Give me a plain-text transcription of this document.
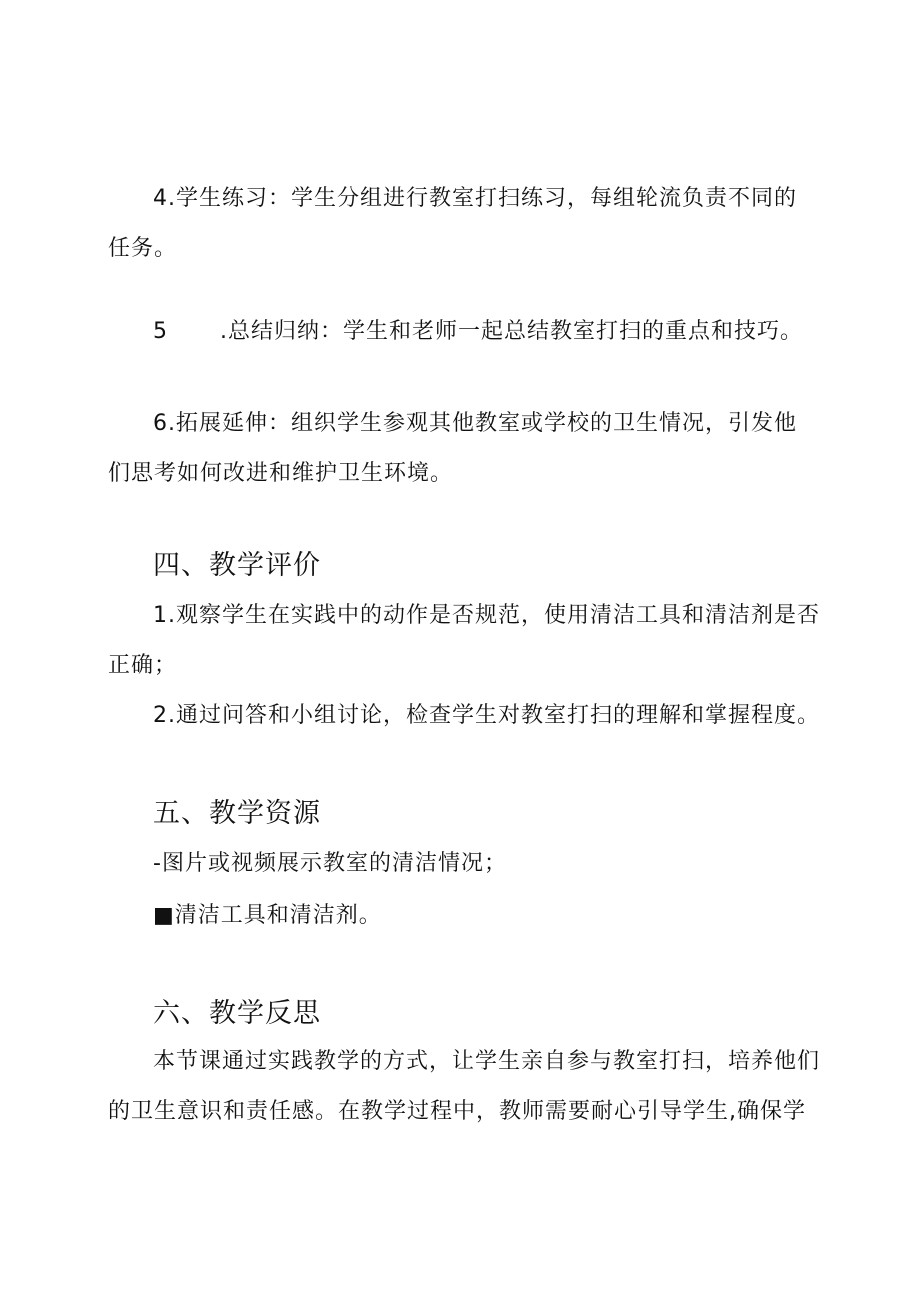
4.学生练习：学生分组进行教室打扫练习，每组轮流负责不同的
任务。
5 .总结归纳：学生和老师一起总结教室打扫的重点和技巧。
6.拓展延伸：组织学生参观其他教室或学校的卫生情况，引发他
们思考如何改进和维护卫生环境。
四、教学评价
1.观察学生在实践中的动作是否规范，使用清洁工具和清洁剂是否
正确；
2.通过问答和小组讨论，检查学生对教室打扫的理解和掌握程度。
五、教学资源
-图片或视频展示教室的清洁情况；
■清洁工具和清洁剂。
六、教学反思
本节课通过实践教学的方式，让学生亲自参与教室打扫，培养他们
的卫生意识和责任感。在教学过程中，教师需要耐心引导学生,确保学
